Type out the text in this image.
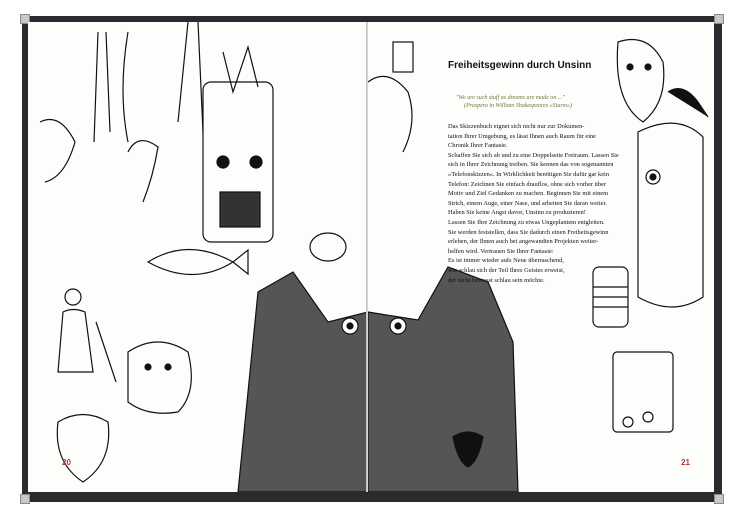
20
Freiheitsgewinn durch Unsinn
"We are such stuff as dreams are made on ..."
(Prospero in William Shakespeares »Sturm«)
Das Skizzenbuch eignet sich nicht nur zur Dokumen-
tation Ihrer Umgebung, es lässt Ihnen auch Raum für eine
Chronik Ihrer Fantasie.
Schaffen Sie sich ab und zu eine Doppelseite Freiraum. Lassen Sie
sich in Ihrer Zeichnung treiben. Sie kennen das von sogenannten
»Telefonskizzen«. In Wirklichkeit benötigen Sie dafür gar kein
Telefon: Zeichnen Sie einfach drauflos, ohne sich vorher über
Motiv und Ziel Gedanken zu machen. Beginnen Sie mit einem
Strich, einem Auge, einer Nase, und arbeiten Sie daran weiter.
Haben Sie keine Angst davor, Unsinn zu produzieren!
Lassen Sie Ihre Zeichnung zu etwas Ungeplantem entgleiten.
Sie werden feststellen, dass Sie dadurch einen Freiheitsgewinn
erleben, der Ihnen auch bei angewandten Projekten weiter-
helfen wird. Vertrauen Sie Ihrer Fantasie:
Es ist immer wieder aufs Neue überraschend,
wie schlau sich der Teil Ihres Geistes erweist,
der nicht bewusst schlau sein möchte.
21
